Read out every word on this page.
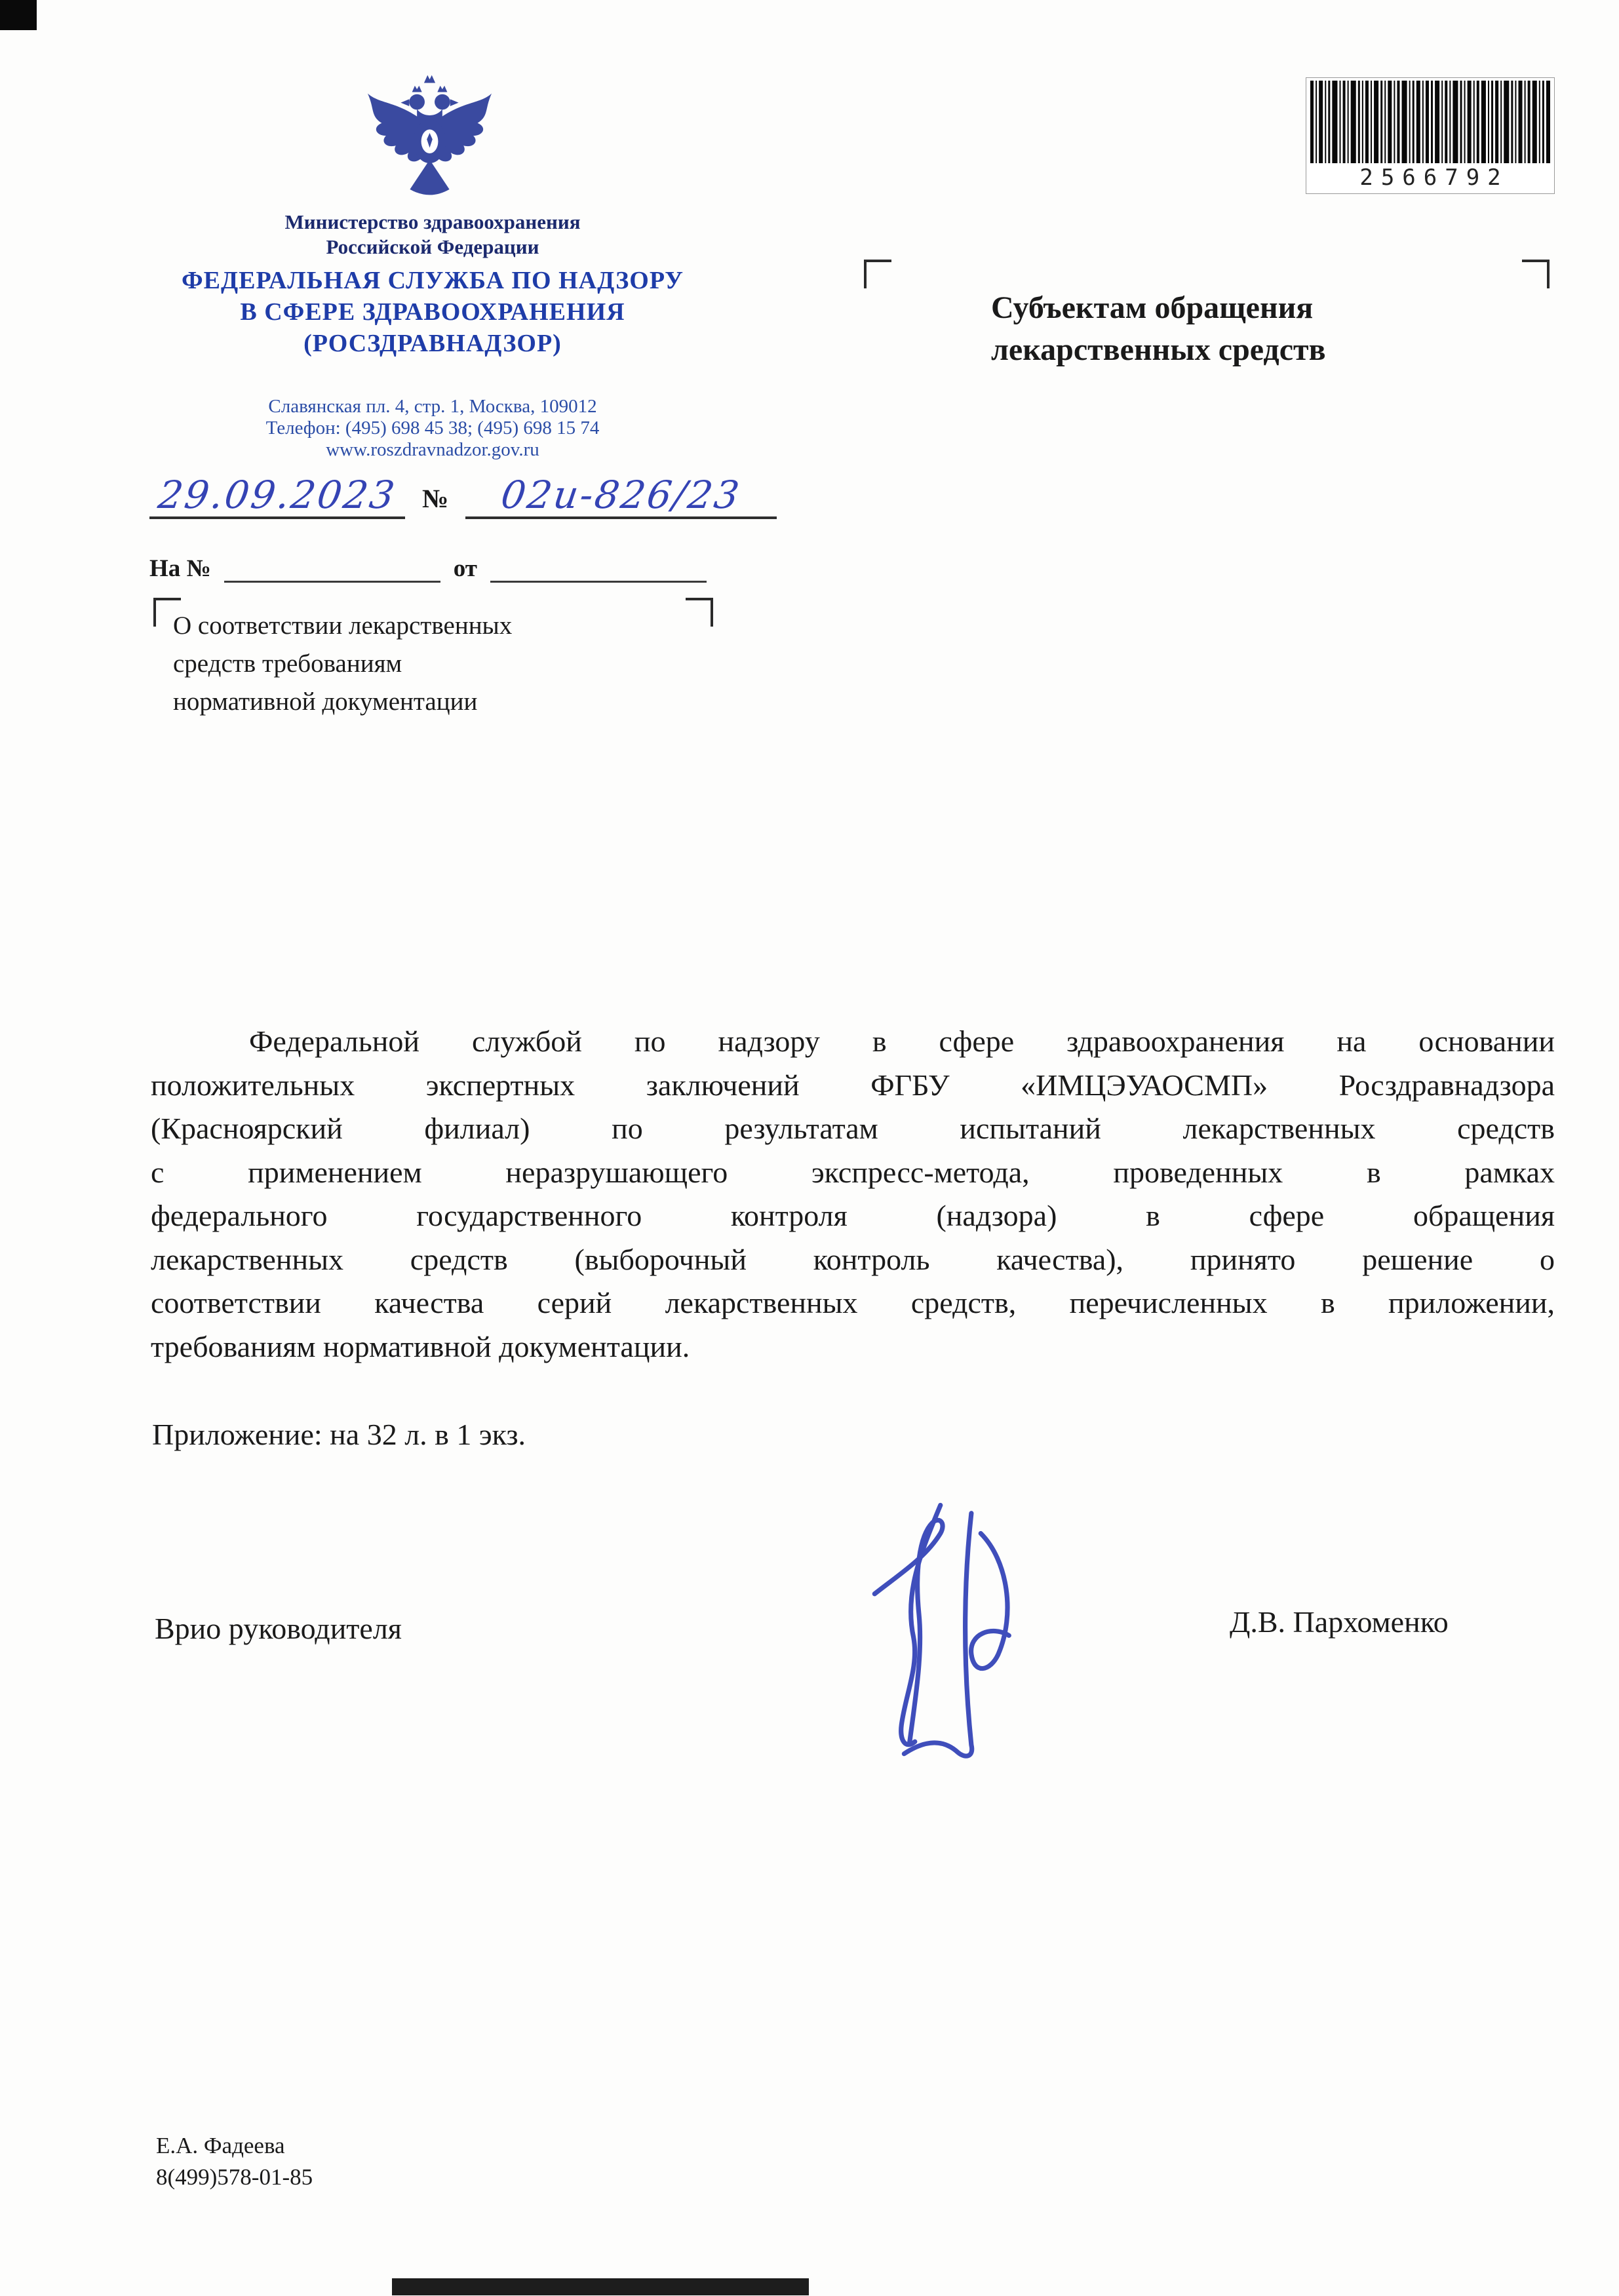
Министерство здравоохранения
Российской Федерации
ФЕДЕРАЛЬНАЯ СЛУЖБА ПО НАДЗОРУ
В СФЕРЕ ЗДРАВООХРАНЕНИЯ
(РОСЗДРАВНАДЗОР)
Славянская пл. 4, стр. 1, Москва, 109012
Телефон: (495) 698 45 38; (495) 698 15 74
www.roszdravnadzor.gov.ru
29.09.2023 №	02и-826/23
На №	от
О соответствии лекарственных
средств требованиям
нормативной документации
Субъектам обращения
лекарственных средств
2566792
Федеральной службой по надзору в сфере здравоохранения на основании
положительных экспертных заключений ФГБУ «ИМЦЭУАОСМП» Росздравнадзора
(Красноярский филиал) по результатам испытаний лекарственных средств
с применением неразрушающего экспресс-метода, проведенных в рамках
федерального государственного контроля (надзора) в сфере обращения
лекарственных средств (выборочный контроль качества), принято решение о
соответствии качества серий лекарственных средств, перечисленных в приложении,
требованиям нормативной документации.
Приложение: на 32 л. в 1 экз.
Врио руководителя	Д.В. Пархоменко
Е.А. Фадеева
8(499)578-01-85
